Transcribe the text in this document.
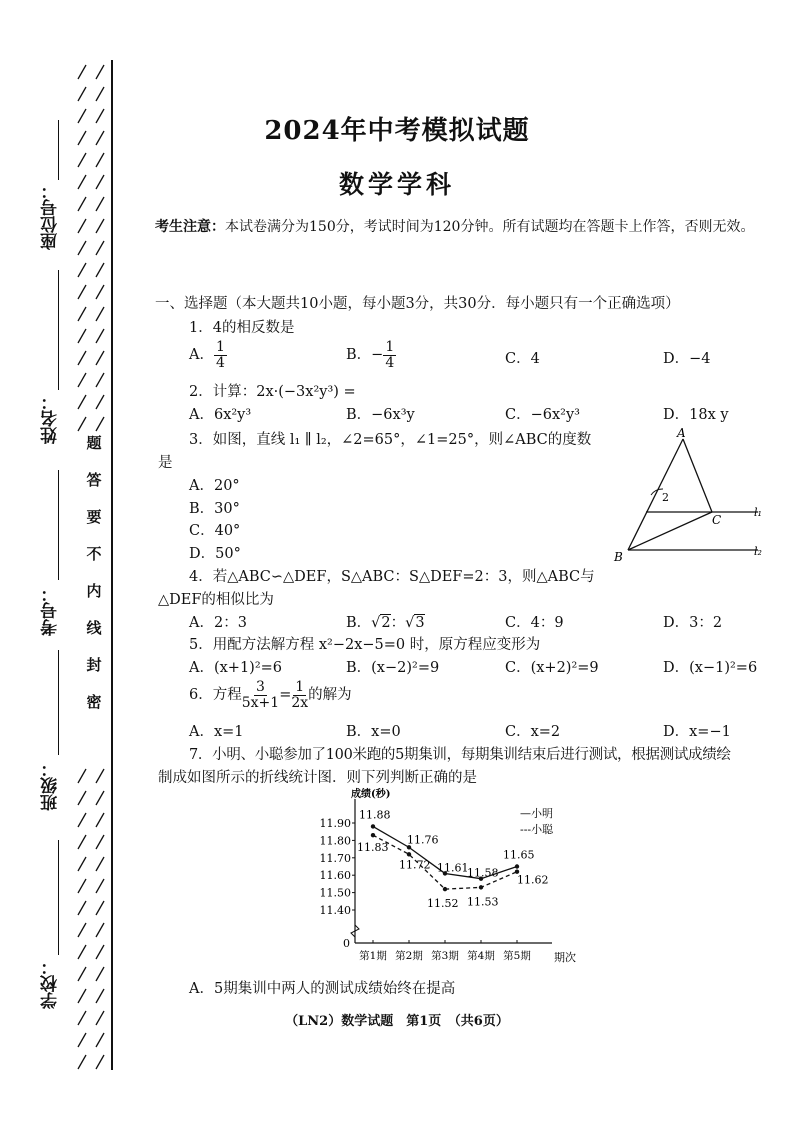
座位号：
姓名：
考号：
班级：
学校：
题
答
要
不
内
线
封
密
2024年中考模拟试题
数学学科
考生注意：本试卷满分为150分，考试时间为120分钟。所有试题均在答题卡上作答，否则无效。
一、选择题（本大题共10小题，每小题3分，共30分．每小题只有一个正确选项）
1．4的相反数是
A． $\frac{1}{4}$	B．− $\frac{1}{4}$	C．4	D．−4
2．计算：2x·(−3x²y³) =
A．6x²y³	B．−6x³y	C．−6x²y³	D．18x y
3．如图，直线 l₁ ∥ l₂，∠2=65°，∠1=25°，则∠ABC的度数
是
A．20°
B．30°
C．40°
D．50°
A
B
C
2
l₁
l₂
4．若△ABC∽△DEF，S△ABC：S△DEF=2：3，则△ABC与
△DEF的相似比为
A．2：3	B．√2：√3	C．4：9	D．3：2
5．用配方法解方程 x²−2x−5=0 时，原方程应变形为
A．(x+1)²=6	B．(x−2)²=9	C．(x+2)²=9	D．(x−1)²=6
6．方程 $\frac{3}{5x+1} = \frac{1}{2x}$ 的解为
A．x=1	B．x=0	C．x=2	D．x=−1
7．小明、小聪参加了100米跑的5期集训，每期集训结束后进行测试，根据测试成绩绘
制成如图所示的折线统计图．则下列判断正确的是
成绩(秒)
期次
0
11.90
11.80
11.70
11.60
11.50
11.40
第1期 第2期 第3期 第4期 第5期
11.88
11.76
11.61
11.58
11.65
11.83
11.72
11.52 11.53
11.62
—小明
---小聪
A．5期集训中两人的测试成绩始终在提高
（LN2）数学试题　第1页　（共6页）
